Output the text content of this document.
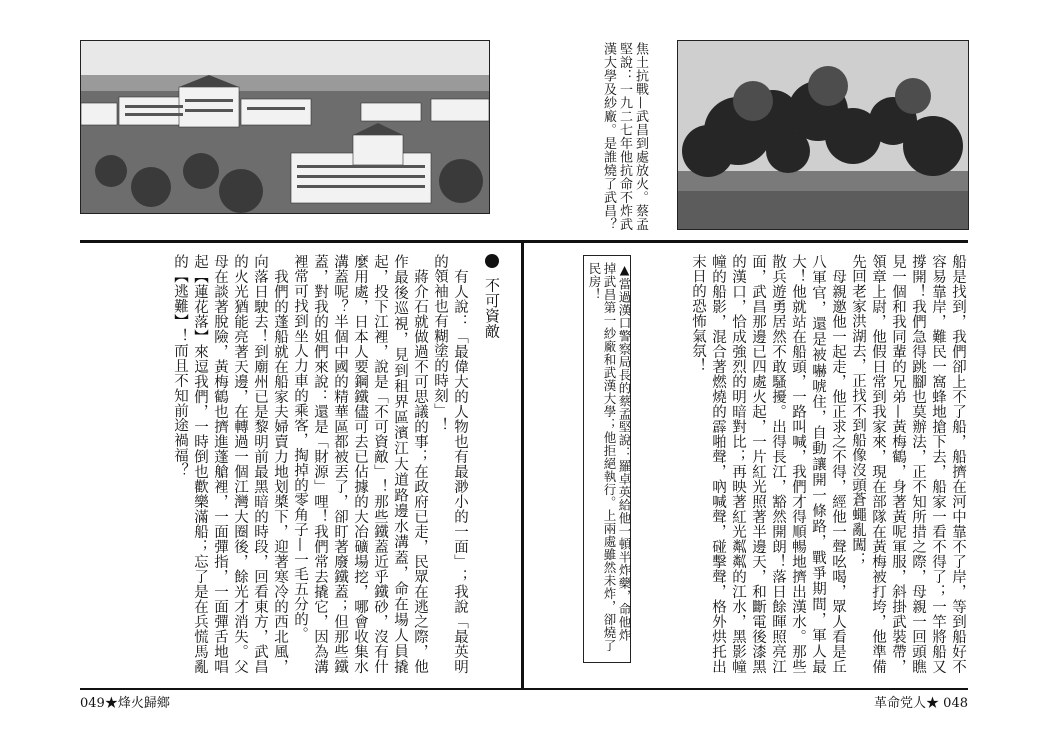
焦土抗戰—武昌到處放火。蔡孟堅說：一九二七年他抗命不炸武漢大學及紗廠。是誰燒了武昌？
船是找到，我們卻上不了船，船擠在河中靠不了岸，等到船好不容易靠岸，難民一窩蜂地搶下去，船家一看不得了；一竿將船又撐開！我們急得跳腳也莫辦法，正不知所措之際，母親一回頭瞧見一個和我同輩的兄弟—黃梅鶴，身著黃呢軍服，斜掛武裝帶，領章上尉，他假日常到我家來，現在部隊在黃梅被打垮，他準備先回老家洪湖去，正找不到船像沒頭蒼蠅亂闖；
　母親邀他一起走，他正求之不得，經他一聲吆喝，眾人看是丘八軍官，還是被嚇唬住，自動讓開一條路，戰爭期間，軍人最大！他就站在船頭，一路叫喊，我們才得順暢地擠出漢水。那些散兵遊勇居然不敢騷擾。出得長江，豁然開朗！落日餘暉照亮江面，武昌那邊已四處火起，一片紅光照著半邊天，和斷電後漆黑的漢口，恰成強烈的明暗對比；再映著紅光粼粼的江水，黑影幢幢的船影，混合著燃燒的霹啪聲，吶喊聲，碰擊聲，格外烘托出末日的恐怖氣氛！
▲當過漢口警察局長的蔡孟堅說：羅卓英給他一頓半炸藥，命他炸掉武昌第一紗廠和武漢大學；他拒絕執行。上兩處雖然未炸，卻燒了民房！
不可資敵
　有人說：「最偉大的人物也有最渺小的一面」；我說「最英明的領袖也有糊塗的時刻」！
　蔣介石就做過不可思議的事；在政府已走，民眾在逃之際，他作最後巡視，見到租界區濱江大道路邊水溝蓋，命在場人員撬起，投下江裡，說是「不可資敵」！那些鐵蓋近乎鐵砂，沒有什麼用處，日本人要鋼鐵儘可去已佔據的大冶礦場挖，哪會收集水溝蓋呢？半個中國的精華區都被丟了，卻盯著廢鐵蓋；但那些鐵蓋，對我的姐們來說：還是「財源」哩！我們常去撬它，因為溝裡常可找到坐人力車的乘客，掏掉的零角子—一毛五分的。
　我們的蓬船就在船家夫婦賣力地划槳下，迎著寒冷的西北風，向落日駛去！到廟州已是黎明前最黑暗的時段，回看東方，武昌的火光猶能亮著天邊，在轉過一個江灣大圈後，餘光才消失。父母在談著脫險，黃梅鶴也擠進蓬艙裡，一面彈指，一面彈舌地唱起【蓮花落】來逗我們，一時倒也歡樂滿船；忘了是在兵慌馬亂的【逃難】！而且不知前途禍福？
049★烽火歸鄉	革命党人★ 048
